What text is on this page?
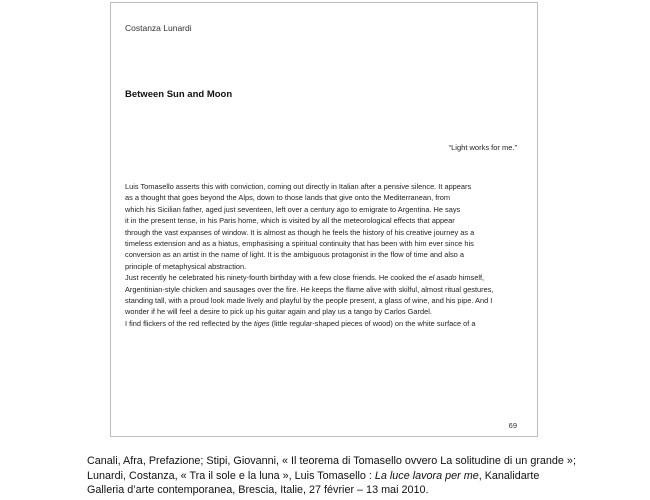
Costanza Lunardi
Between Sun and Moon
“Light works for me.”
Luis Tomasello asserts this with conviction, coming out directly in Italian after a pensive silence. It appears
as a thought that goes beyond the Alps, down to those lands that give onto the Mediterranean, from
which his Sicilian father, aged just seventeen, left over a century ago to emigrate to Argentina. He says
it in the present tense, in his Paris home, which is visited by all the meteorological effects that appear
through the vast expanses of window. It is almost as though he feels the history of his creative journey as a
timeless extension and as a hiatus, emphasising a spiritual continuity that has been with him ever since his
conversion as an artist in the name of light. It is the ambiguous protagonist in the flow of time and also a
principle of metaphysical abstraction.
Just recently he celebrated his ninety-fourth birthday with a few close friends. He cooked the el asado himself,
Argentinian-style chicken and sausages over the fire. He keeps the flame alive with skilful, almost ritual gestures,
standing tall, with a proud look made lively and playful by the people present, a glass of wine, and his pipe. And I
wonder if he will feel a desire to pick up his guitar again and play us a tango by Carlos Gardel.
I find flickers of the red reflected by the tiges (little regular-shaped pieces of wood) on the white surface of a
69
Canali, Afra, Prefazione; Stipi, Giovanni, « Il teorema di Tomasello ovvero La solitudine di un grande »;
Lunardi, Costanza, « Tra il sole e la luna », Luis Tomasello : La luce lavora per me, Kanalidarte
Galleria d’arte contemporanea, Brescia, Italie, 27 février – 13 mai 2010.
